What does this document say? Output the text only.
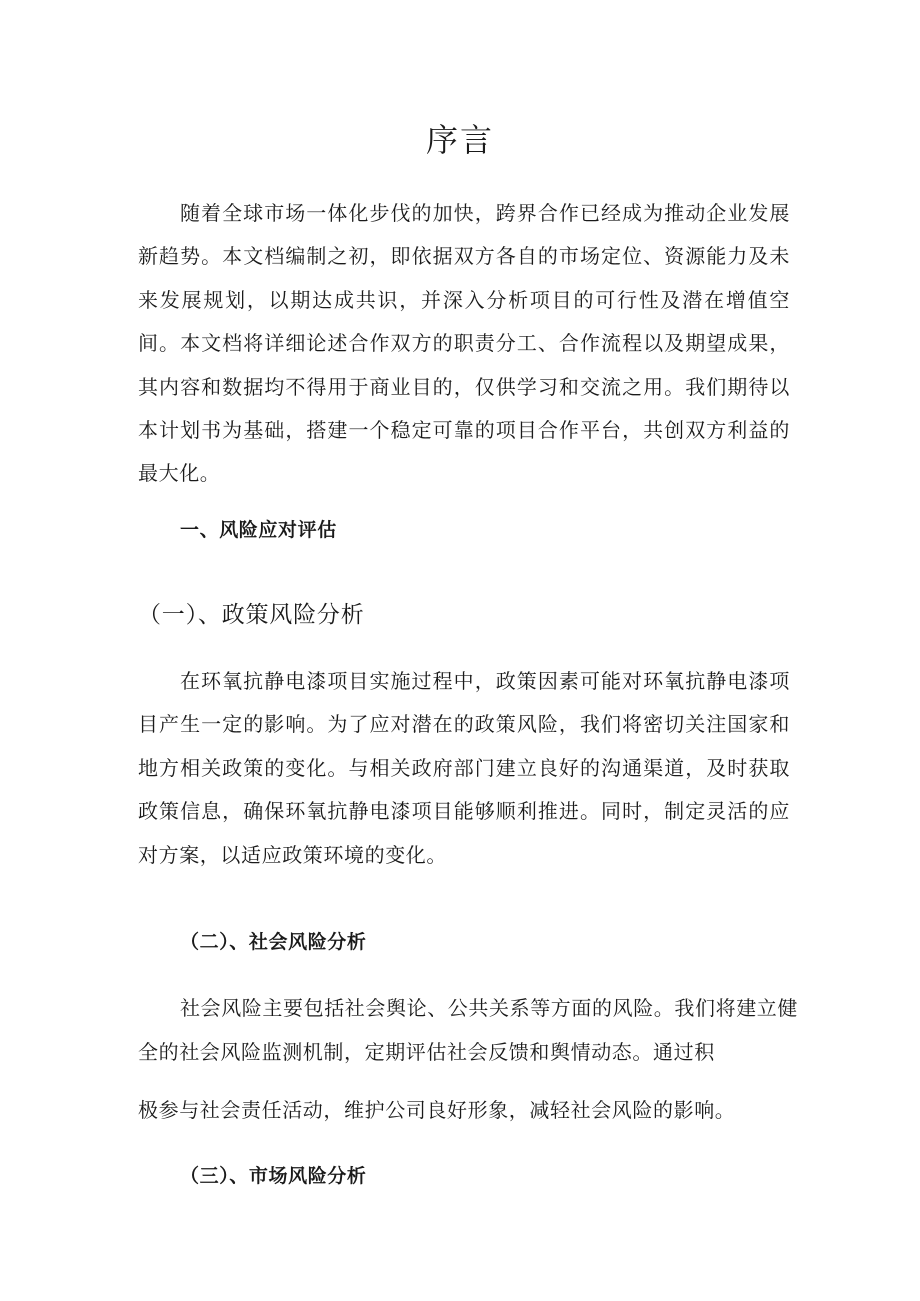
序言

随着全球市场一体化步伐的加快，跨界合作已经成为推动企业发展新趋势。本文档编制之初，即依据双方各自的市场定位、资源能力及未来发展规划，以期达成共识，并深入分析项目的可行性及潜在增值空间。本文档将详细论述合作双方的职责分工、合作流程以及期望成果，其内容和数据均不得用于商业目的，仅供学习和交流之用。我们期待以本计划书为基础，搭建一个稳定可靠的项目合作平台，共创双方利益的最大化。

一、风险应对评估
（一）、政策风险分析

在环氧抗静电漆项目实施过程中，政策因素可能对环氧抗静电漆项目产生一定的影响。为了应对潜在的政策风险，我们将密切关注国家和地方相关政策的变化。与相关政府部门建立良好的沟通渠道，及时获取政策信息，确保环氧抗静电漆项目能够顺利推进。同时，制定灵活的应对方案，以适应政策环境的变化。

（二）、社会风险分析
社会风险主要包括社会舆论、公共关系等方面的风险。我们将建立健
全的社会风险监测机制，定期评估社会反馈和舆情动态。通过积
极参与社会责任活动，维护公司良好形象，减轻社会风险的影响。
（三）、市场风险分析
